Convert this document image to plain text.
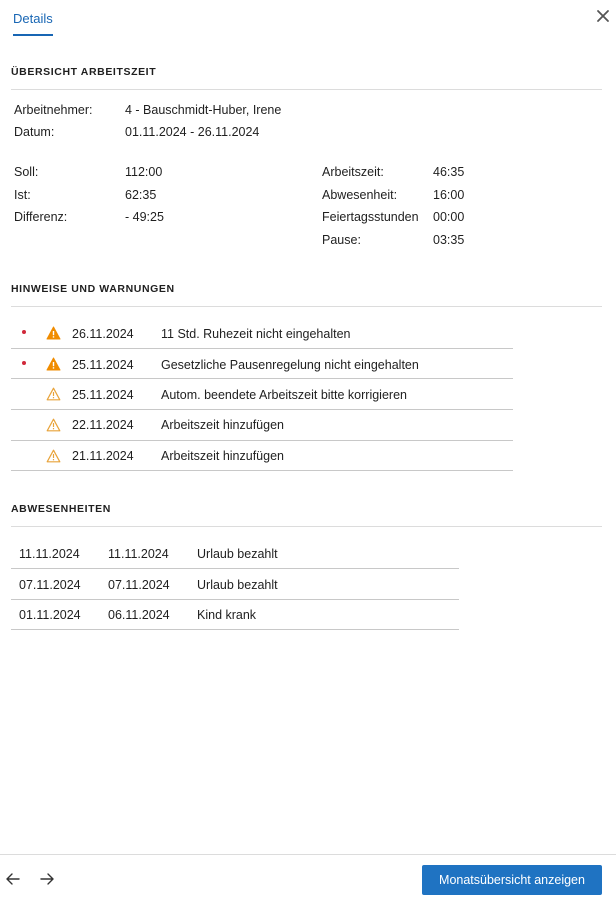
Details
ÜBERSICHT ARBEITSZEIT
Arbeitnehmer:	4 - Bauschmidt-Huber, Irene
Datum:	01.11.2024 - 26.11.2024
Soll:	112:00
Ist:	62:35
Differenz:	- 49:25
Arbeitszeit:	46:35
Abwesenheit:	16:00
Feiertagsstunden 00:00
Pause:	03:35
HINWEISE UND WARNUNGEN
26.11.2024 11 Std. Ruhezeit nicht eingehalten
25.11.2024 Gesetzliche Pausenregelung nicht eingehalten
25.11.2024 Autom. beendete Arbeitszeit bitte korrigieren
22.11.2024 Arbeitszeit hinzufügen
21.11.2024 Arbeitszeit hinzufügen
ABWESENHEITEN
11.11.2024 11.11.2024 Urlaub bezahlt
07.11.2024 07.11.2024 Urlaub bezahlt
01.11.2024 06.11.2024 Kind krank
Monatsübersicht anzeigen
